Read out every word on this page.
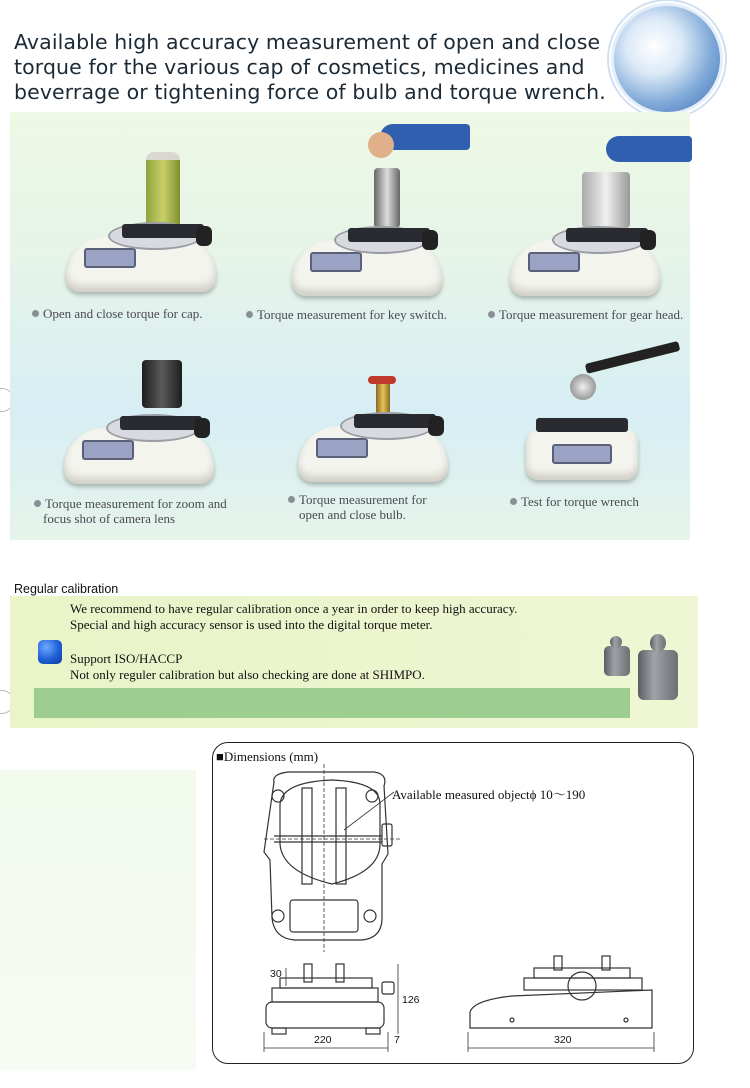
Available high accuracy measurement of open and close
torque for the various cap of cosmetics, medicines and
beverrage or tightening force of bulb and torque wrench.
Open and close torque for cap.	Torque measurement for key switch.	Torque measurement for gear head.
Torque measurement for zoom and
focus shot of camera lens
Torque measurement for
open and close bulb.
Test for torque wrench
Regular calibration
We recommend to have regular calibration once a year in order to keep high accuracy.
Special and high accuracy sensor is used into the digital torque meter.
Support ISO/HACCP
Not only reguler calibration but also checking are done at SHIMPO.
■Dimensions (mm)
Available measured objectϕ 10～190
30
126
220	7	320
